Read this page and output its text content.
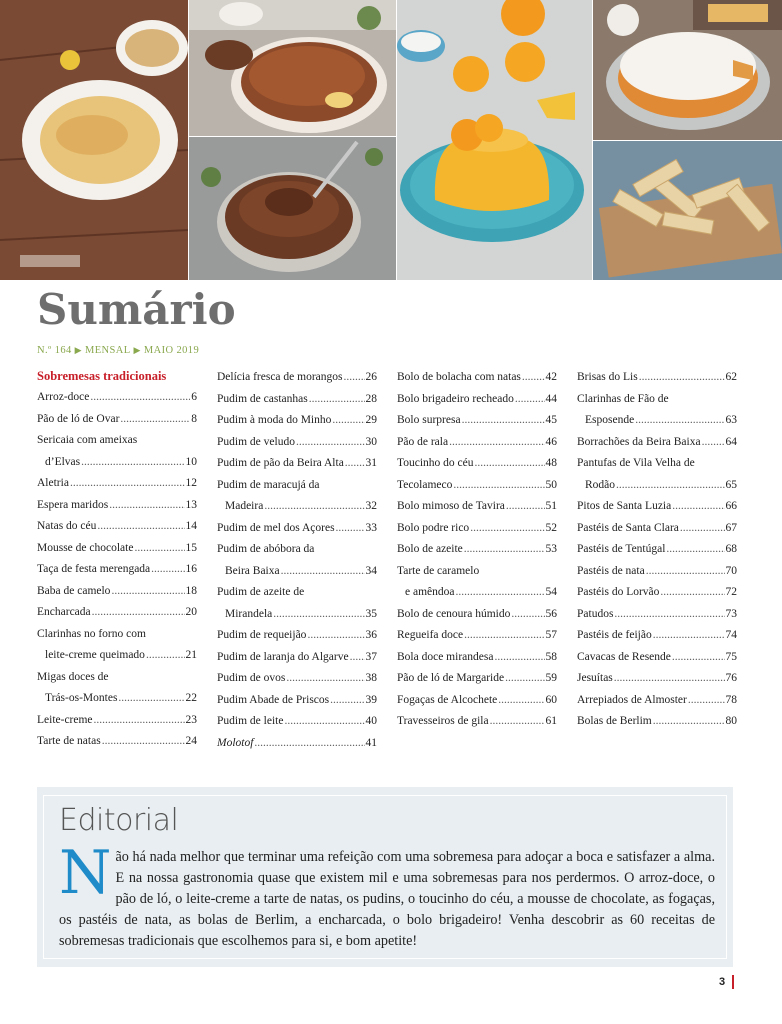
Sumário
N.º 164 ▶ MENSAL ▶ MAIO 2019
Sobremesas tradicionais
Arroz-doce .....	6
Pão de ló de Ovar .....	8
Sericaia com ameixas
d’Elvas .....	10
Aletria .....	12
Espera maridos .....	13
Natas do céu .....	14
Mousse de chocolate .....	15
Taça de festa merengada .....	16
Baba de camelo .....	18
Encharcada .....	20
Clarinhas no forno com
leite-creme queimado .....	21
Migas doces de
Trás-os-Montes .....	22
Leite-creme .....	23
Tarte de natas .....	24
Delícia fresca de morangos ..... 26
Pudim de castanhas .....	28
Pudim à moda do Minho .....	29
Pudim de veludo .....	30
Pudim de pão da Beira Alta ..... 31
Pudim de maracujá da
Madeira .....	32
Pudim de mel dos Açores .....	33
Pudim de abóbora da
Beira Baixa .....	34
Pudim de azeite de
Mirandela .....	35
Pudim de requeijão .....	36
Pudim de laranja do Algarve ..... 37
Pudim de ovos .....	38
Pudim Abade de Priscos .....	39
Pudim de leite .....	40
Molotof .....	41
Bolo de bolacha com natas ..... 42
Bolo brigadeiro recheado .....	44
Bolo surpresa .....	45
Pão de rala .....	46
Toucinho do céu .....	48
Tecolameco .....	50
Bolo mimoso de Tavira .....	51
Bolo podre rico .....	52
Bolo de azeite .....	53
Tarte de caramelo
e amêndoa .....	54
Bolo de cenoura húmido .....	56
Regueifa doce .....	57
Bola doce mirandesa .....	58
Pão de ló de Margaride .....	59
Fogaças de Alcochete .....	60
Travesseiros de gila .....	61
Brisas do Lis .....	62
Clarinhas de Fão de
Esposende .....	63
Borrachões da Beira Baixa ..... 64
Pantufas de Vila Velha de
Rodão .....	65
Pitos de Santa Luzia .....	66
Pastéis de Santa Clara .....	67
Pastéis de Tentúgal .....	68
Pastéis de nata .....	70
Pastéis do Lorvão .....	72
Patudos .....	73
Pastéis de feijão .....	74
Cavacas de Resende .....	75
Jesuítas .....	76
Arrepiados de Almoster .....	78
Bolas de Berlim .....	80
Editorial
Não há nada melhor que terminar uma refeição com uma sobremesa para adoçar a boca e satisfazer a alma. E na nossa gastronomia quase que existem mil e uma sobremesas para nos perdermos. O arroz-doce, o pão de ló, o leite-creme a tarte de natas, os pudins, o toucinho do céu, a mousse de chocolate, as fogaças, os pastéis de nata, as bolas de Berlim, a encharcada, o bolo brigadeiro! Venha descobrir as 60 receitas de sobremesas tradicionais que escolhemos para si, e bom apetite!
3
